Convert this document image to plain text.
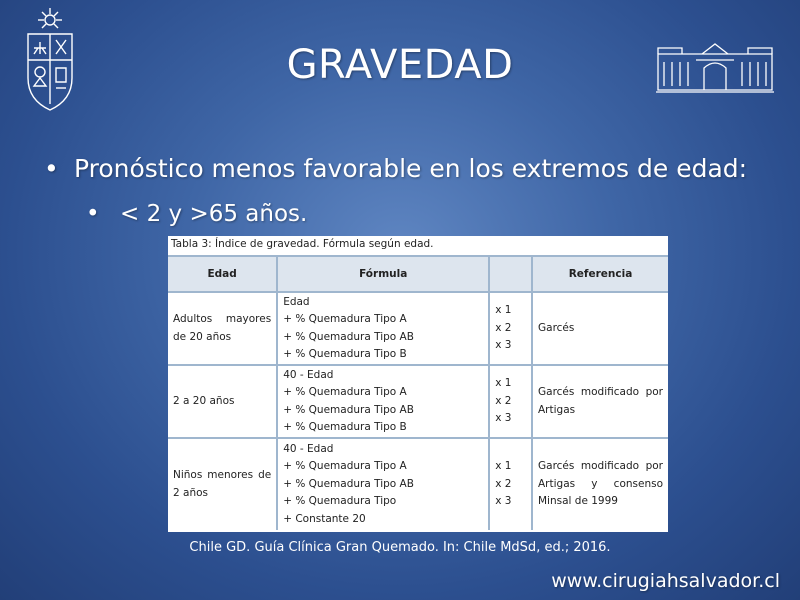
GRAVEDAD
• Pronóstico menos favorable en los extremos de edad:
• < 2 y >65 años.
Tabla 3: Índice de gravedad. Fórmula según edad.
Edad	Fórmula		Referencia
Adultos mayores de 20 años	Edad
+ % Quemadura Tipo A
+ % Quemadura Tipo AB
+ % Quemadura Tipo B	x 1
x 2
x 3	Garcés
2 a 20 años	40 - Edad
+ % Quemadura Tipo A
+ % Quemadura Tipo AB
+ % Quemadura Tipo B	x 1
x 2
x 3	Garcés modificado por Artigas
Niños menores de 2 años	40 - Edad
+ % Quemadura Tipo A
+ % Quemadura Tipo AB
+ % Quemadura Tipo
+ Constante 20	x 1
x 2
x 3	Garcés modificado por Artigas y consenso Minsal de 1999
Chile GD. Guía Clínica Gran Quemado. In: Chile MdSd, ed.; 2016.
www.cirugiahsalvador.cl
